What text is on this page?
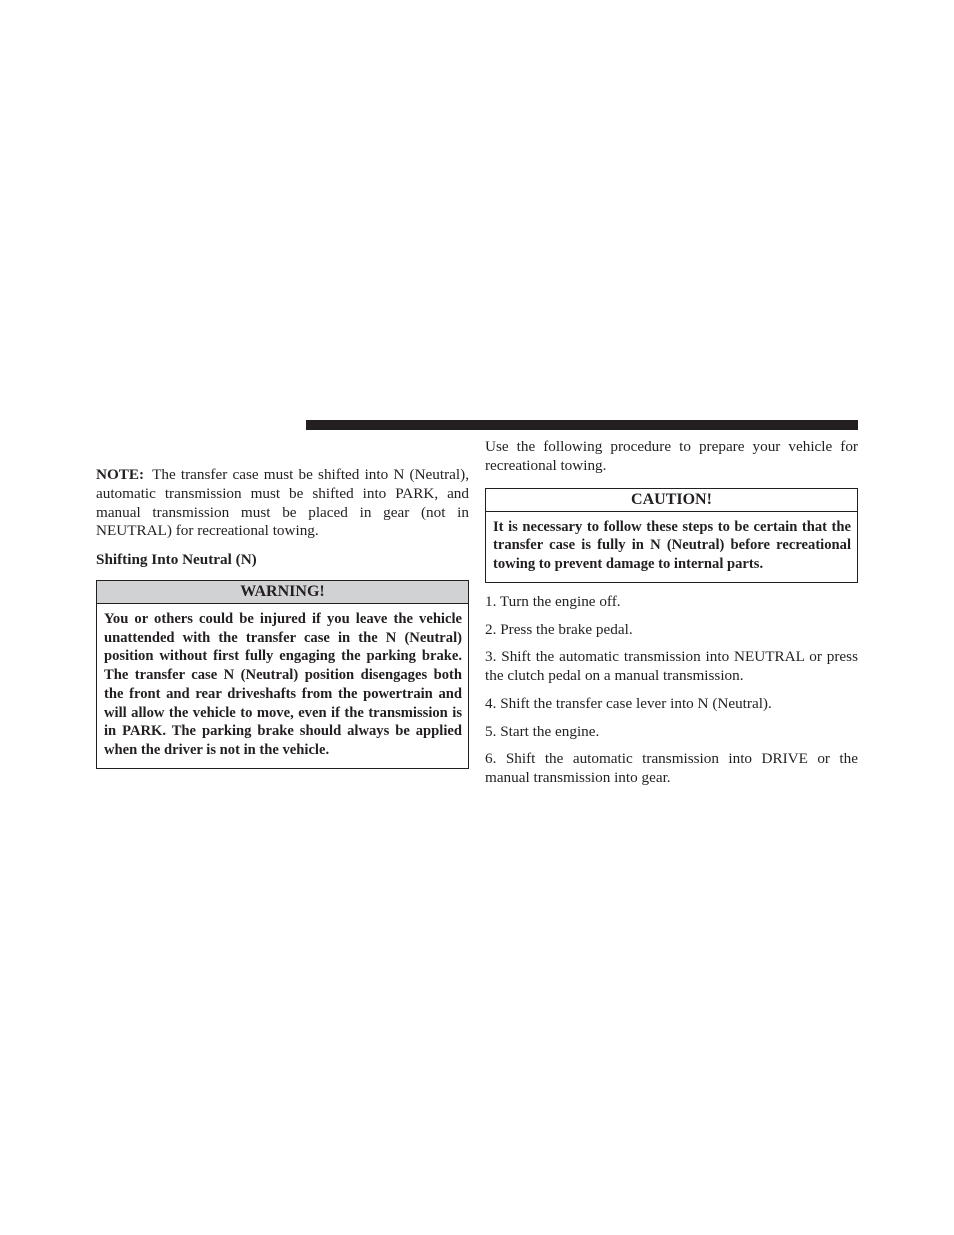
NOTE: The transfer case must be shifted into N (Neutral), automatic transmission must be shifted into PARK, and manual transmission must be placed in gear (not in NEUTRAL) for recreational towing.

Shifting Into Neutral (N)

WARNING!
You or others could be injured if you leave the vehicle unattended with the transfer case in the N (Neutral) position without first fully engaging the parking brake. The transfer case N (Neutral) position disengages both the front and rear driveshafts from the powertrain and will allow the vehicle to move, even if the transmission is in PARK. The parking brake should always be applied when the driver is not in the vehicle.

Use the following procedure to prepare your vehicle for recreational towing.

CAUTION!
It is necessary to follow these steps to be certain that the transfer case is fully in N (Neutral) before recreational towing to prevent damage to internal parts.

1. Turn the engine off.

2. Press the brake pedal.

3. Shift the automatic transmission into NEUTRAL or press the clutch pedal on a manual transmission.

4. Shift the transfer case lever into N (Neutral).

5. Start the engine.

6. Shift the automatic transmission into DRIVE or the manual transmission into gear.
